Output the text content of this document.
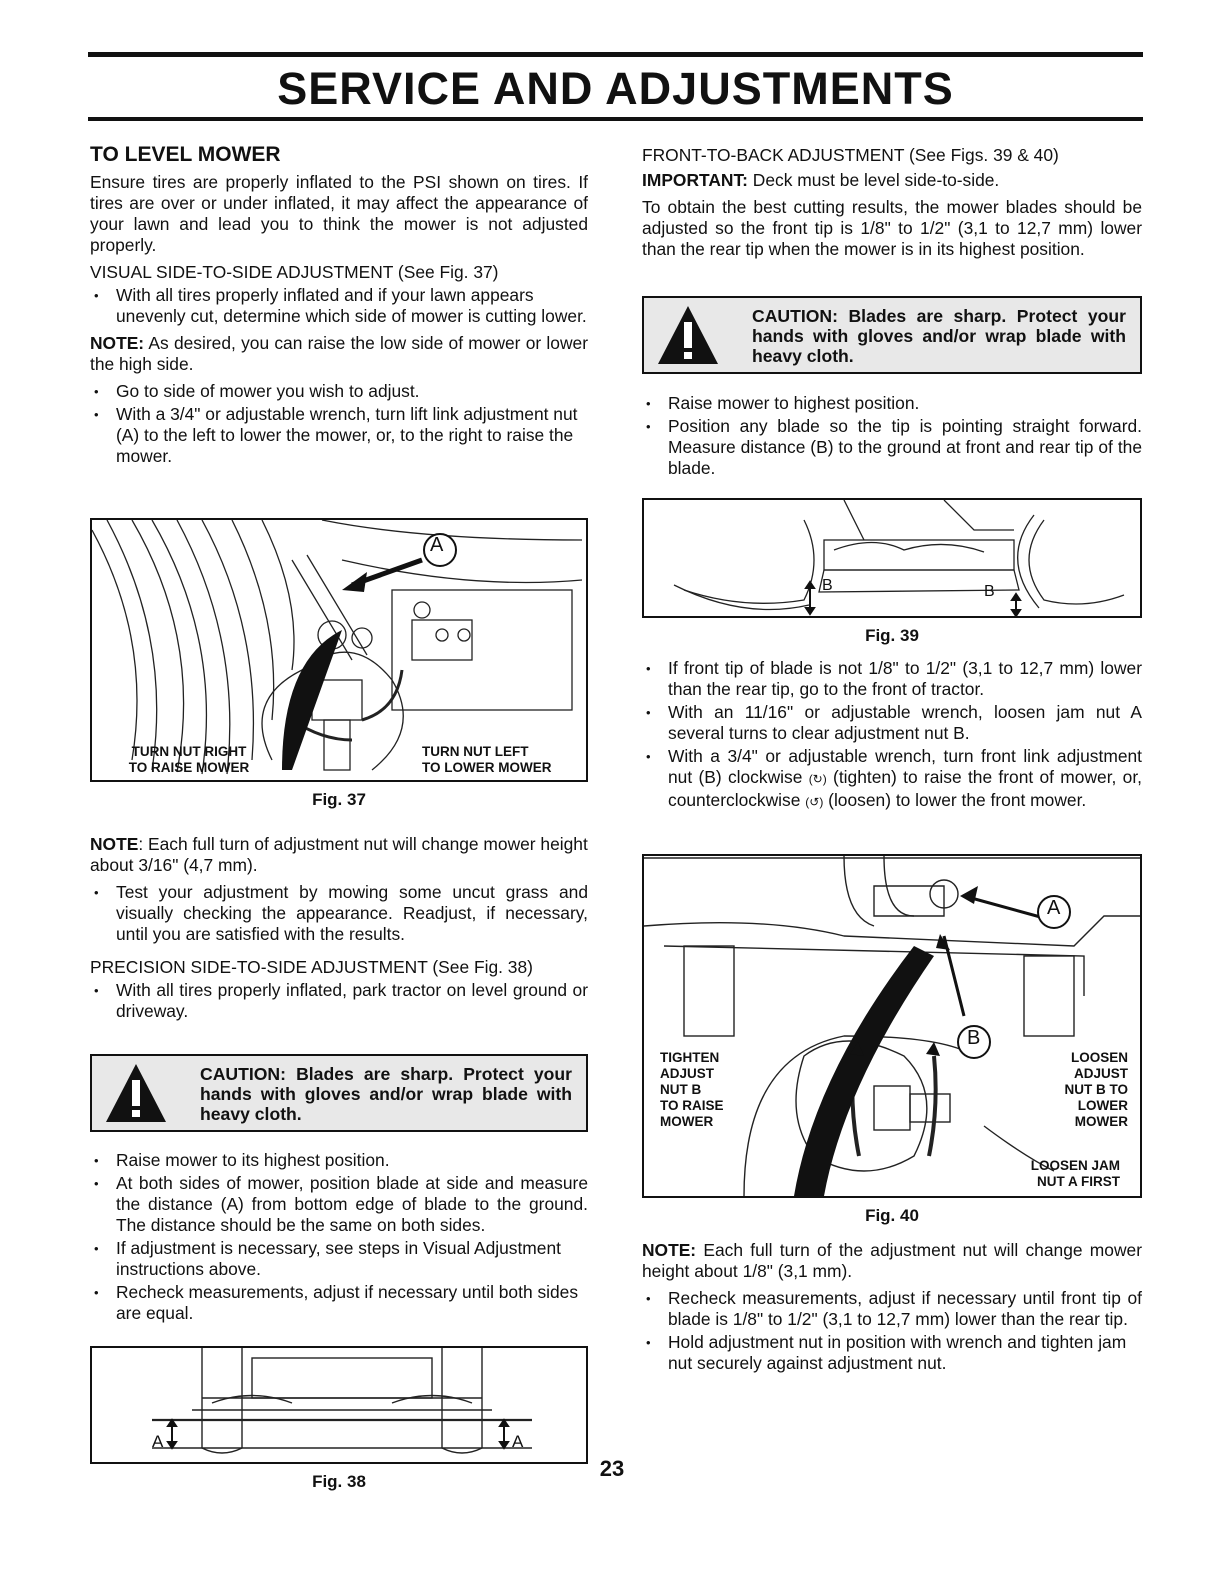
SERVICE AND ADJUSTMENTS
TO LEVEL MOWER

Ensure tires are properly inflated to the PSI shown on tires. If tires are over or under inflated, it may affect the appearance of your lawn and lead you to think the mower is not adjusted properly.

VISUAL SIDE-TO-SIDE ADJUSTMENT (See Fig. 37)

• With all tires properly inflated and if your lawn appears unevenly cut, determine which side of mower is cutting lower.

NOTE: As desired, you can raise the low side of mower or lower the high side.

• Go to side of mower you wish to adjust.
• With a 3/4" or adjustable wrench, turn lift link adjustment nut (A) to the left to lower the mower, or, to the right to raise the mower.
A
TURN NUT RIGHT
TO RAISE MOWER
TURN NUT LEFT
TO LOWER MOWER
Fig. 37

NOTE: Each full turn of adjustment nut will change mower height about 3/16" (4,7 mm).

• Test your adjustment by mowing some uncut grass and visually checking the appearance. Readjust, if necessary, until you are satisfied with the results.

PRECISION SIDE-TO-SIDE ADJUSTMENT (See Fig. 38)

• With all tires properly inflated, park tractor on level ground or driveway.
CAUTION: Blades are sharp. Protect your hands with gloves and/or wrap blade with heavy cloth.
• Raise mower to its highest position.
• At both sides of mower, position blade at side and measure the distance (A) from bottom edge of blade to the ground. The distance should be the same on both sides.
• If adjustment is necessary, see steps in Visual Adjustment instructions above.
• Recheck measurements, adjust if necessary until both sides are equal.
A	A
Fig. 38

FRONT-TO-BACK ADJUSTMENT (See Figs. 39 & 40)

IMPORTANT: Deck must be level side-to-side.

To obtain the best cutting results, the mower blades should be adjusted so the front tip is 1/8" to 1/2" (3,1 to 12,7 mm) lower than the rear tip when the mower is in its highest position.

CAUTION: Blades are sharp. Protect your hands with gloves and/or wrap blade with heavy cloth.
• Raise mower to highest position.
• Position any blade so the tip is pointing straight forward. Measure distance (B) to the ground at front and rear tip of the blade.
B	B
Fig. 39
• If front tip of blade is not 1/8" to 1/2" (3,1 to 12,7 mm) lower than the rear tip, go to the front of tractor.
• With an 11/16" or adjustable wrench, loosen jam nut A several turns to clear adjustment nut B.
• With a 3/4" or adjustable wrench, turn front link adjustment nut (B) clockwise (↻) (tighten) to raise the front of mower, or, counterclockwise (↺) (loosen) to lower the front mower.
A
B
TIGHTEN
ADJUST
NUT B
TO RAISE
MOWER
LOOSEN
ADJUST
NUT B TO
LOWER
MOWER
LOOSEN JAM
NUT A FIRST
Fig. 40

NOTE: Each full turn of the adjustment nut will change mower height about 1/8" (3,1 mm).

• Recheck measurements, adjust if necessary until front tip of blade is 1/8" to 1/2" (3,1 to 12,7 mm) lower than the rear tip.
• Hold adjustment nut in position with wrench and tighten jam nut securely against adjustment nut.
23
